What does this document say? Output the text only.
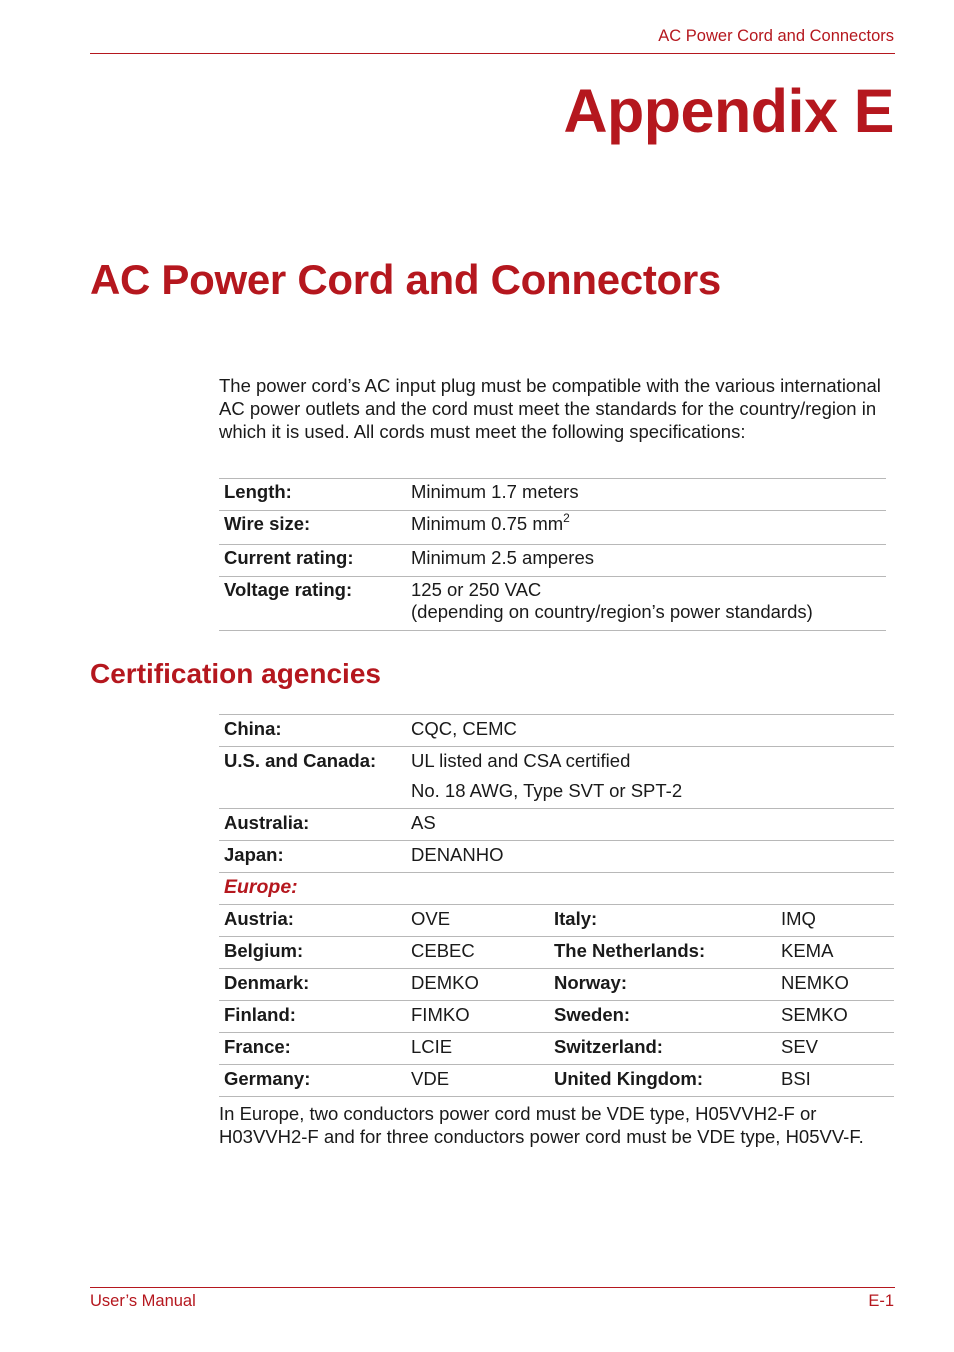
AC Power Cord and Connectors
Appendix E
AC Power Cord and Connectors
The power cord’s AC input plug must be compatible with the various international AC power outlets and the cord must meet the standards for the country/region in which it is used. All cords must meet the following specifications:
Length:	Minimum 1.7 meters
Wire size:	Minimum 0.75 $mm^2$
Current rating:	Minimum 2.5 amperes
Voltage rating:	125 or 250 VAC
(depending on country/region’s power standards)
Certification agencies
China:	CQC, CEMC		
U.S. and Canada:	UL listed and CSA certified		
	No. 18 AWG, Type SVT or SPT-2		
Australia:	AS		
Japan:	DENANHO		
Europe:			
Austria:	OVE	Italy:	IMQ
Belgium:	CEBEC	The Netherlands:	KEMA
Denmark:	DEMKO	Norway:	NEMKO
Finland:	FIMKO	Sweden:	SEMKO
France:	LCIE	Switzerland:	SEV
Germany:	VDE	United Kingdom:	BSI
In Europe, two conductors power cord must be VDE type, H05VVH2-F or H03VVH2-F and for three conductors power cord must be VDE type, H05VV-F.
User’s Manual	E-1
